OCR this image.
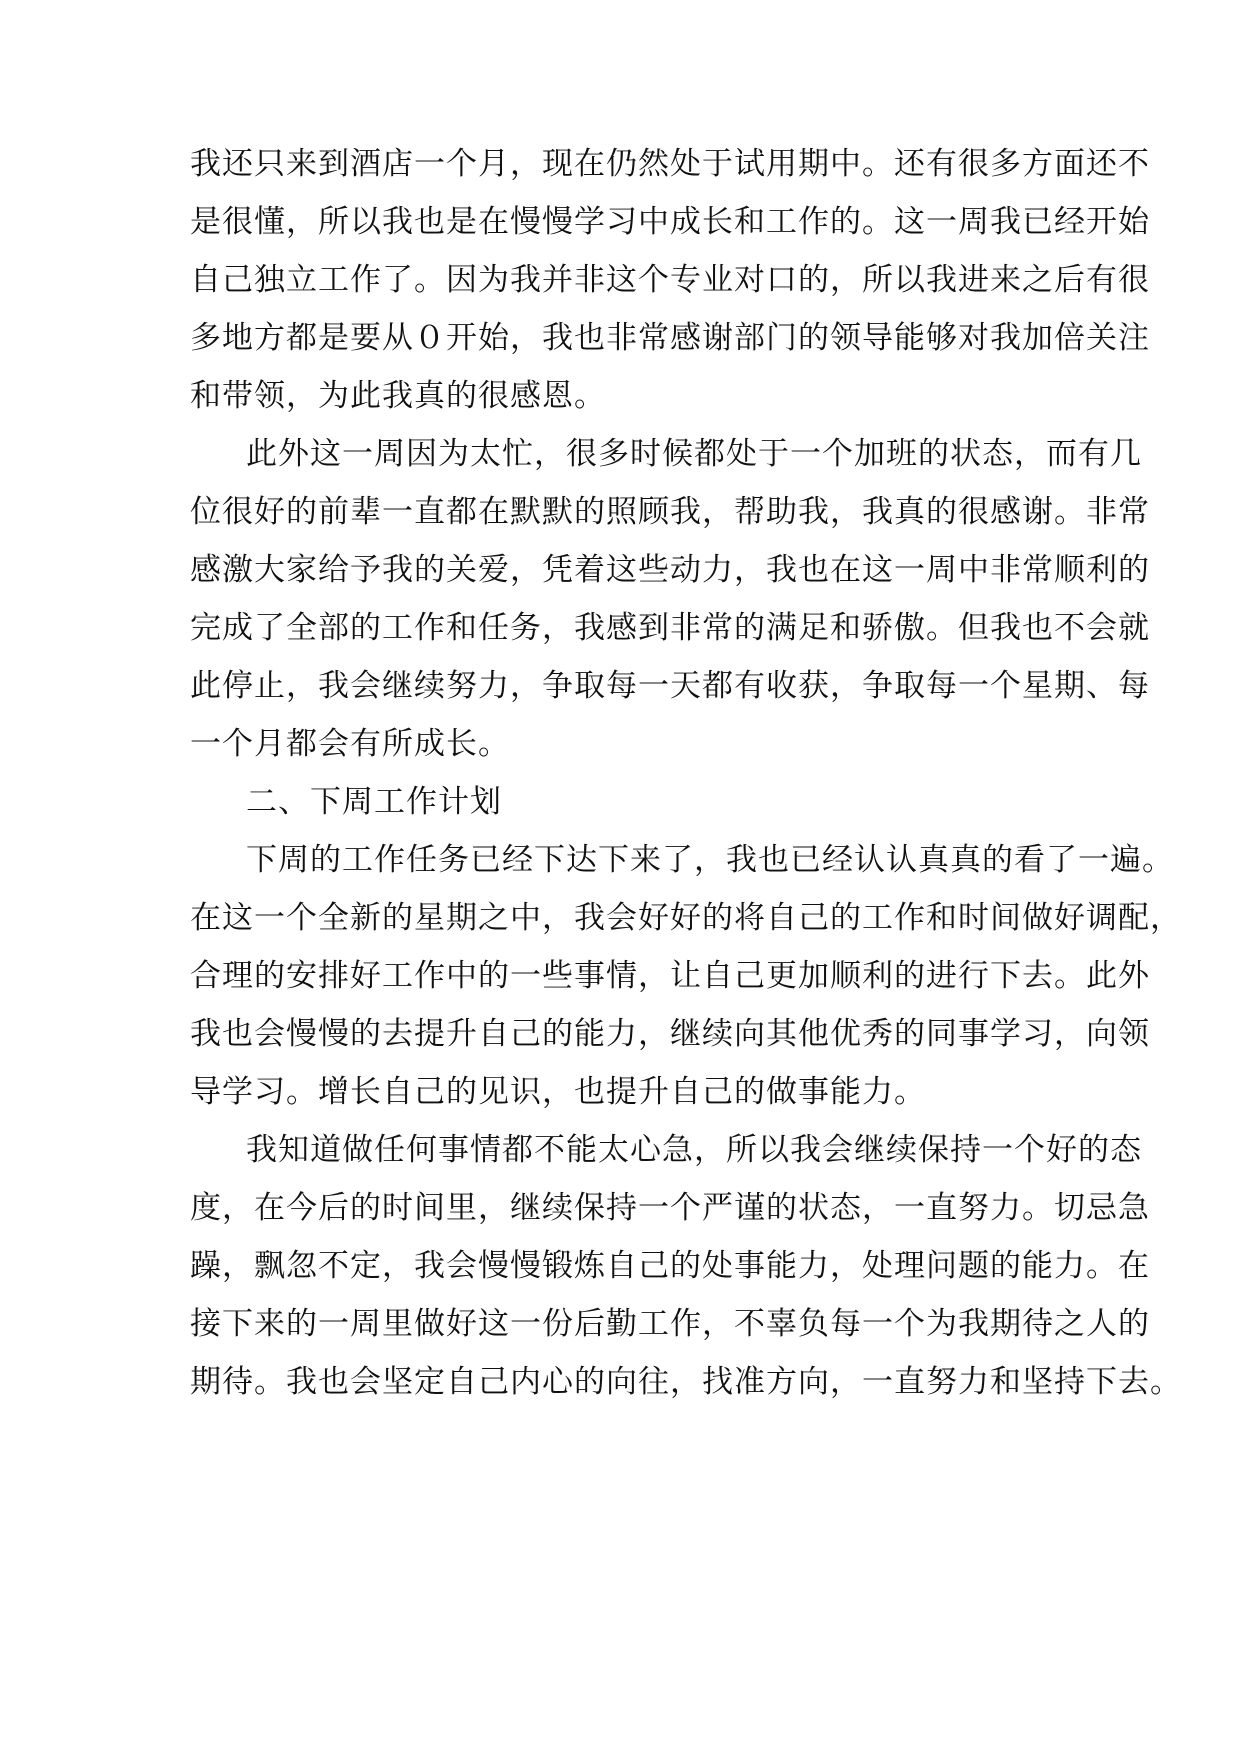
我还只来到酒店一个月，现在仍然处于试用期中。还有很多方面还不
是很懂，所以我也是在慢慢学习中成长和工作的。这一周我已经开始
自己独立工作了。因为我并非这个专业对口的，所以我进来之后有很
多地方都是要从０开始，我也非常感谢部门的领导能够对我加倍关注
和带领，为此我真的很感恩。
此外这一周因为太忙，很多时候都处于一个加班的状态，而有几
位很好的前辈一直都在默默的照顾我，帮助我，我真的很感谢。非常
感激大家给予我的关爱，凭着这些动力，我也在这一周中非常顺利的
完成了全部的工作和任务，我感到非常的满足和骄傲。但我也不会就
此停止，我会继续努力，争取每一天都有收获，争取每一个星期、每
一个月都会有所成长。
二、下周工作计划
下周的工作任务已经下达下来了，我也已经认认真真的看了一遍。
在这一个全新的星期之中，我会好好的将自己的工作和时间做好调配，
合理的安排好工作中的一些事情，让自己更加顺利的进行下去。此外
我也会慢慢的去提升自己的能力，继续向其他优秀的同事学习，向领
导学习。增长自己的见识，也提升自己的做事能力。
我知道做任何事情都不能太心急，所以我会继续保持一个好的态
度，在今后的时间里，继续保持一个严谨的状态，一直努力。切忌急
躁，飘忽不定，我会慢慢锻炼自己的处事能力，处理问题的能力。在
接下来的一周里做好这一份后勤工作，不辜负每一个为我期待之人的
期待。我也会坚定自己内心的向往，找准方向，一直努力和坚持下去。
